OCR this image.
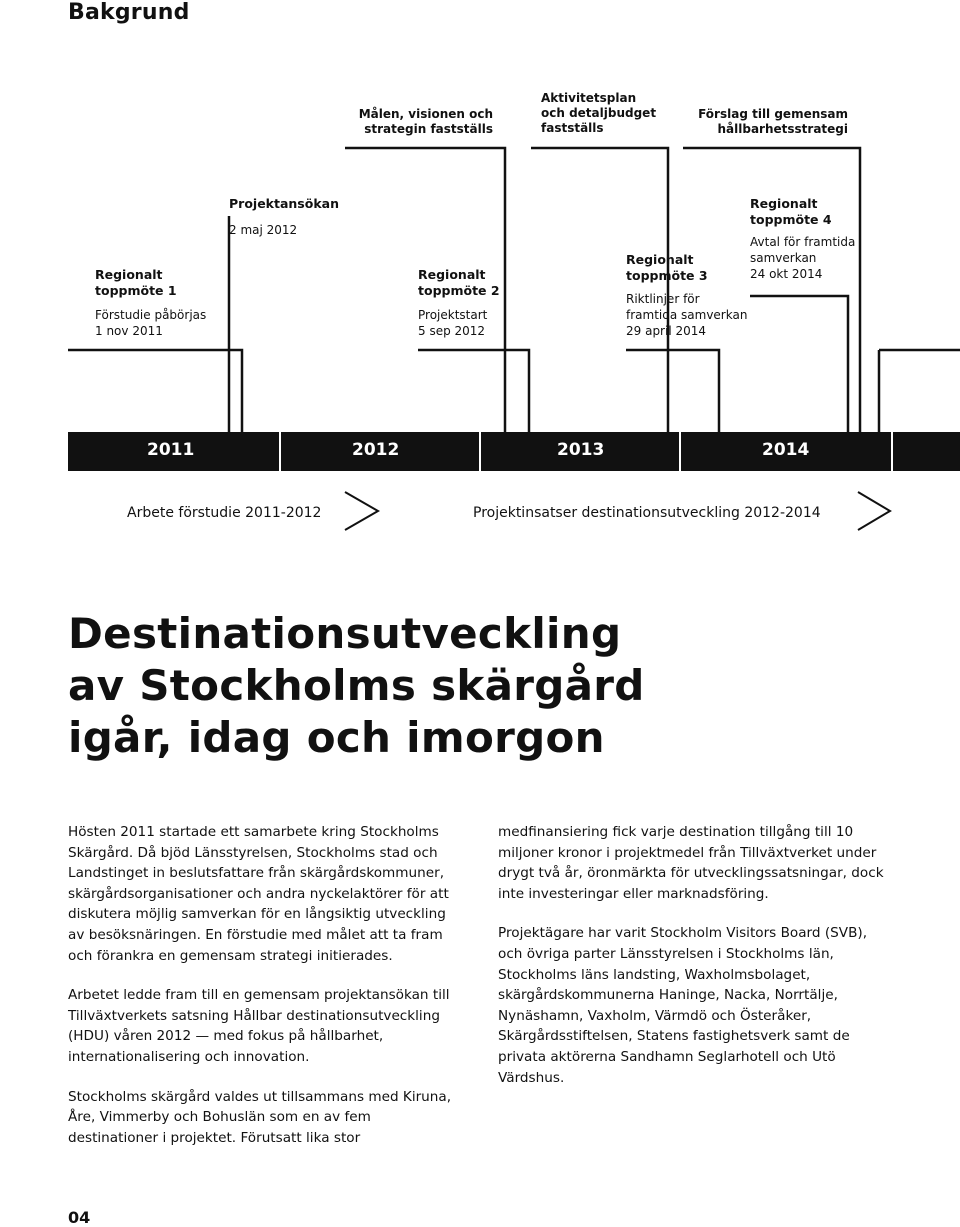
Bakgrund
Målen, visionen och
strategin fastställs
Aktivitetsplan
och detaljbudget
fastställs
Förslag till gemensam
hållbarhetsstrategi
Regionalt
toppmöte 1
Förstudie påbörjas
1 nov 2011
Projektansökan
2 maj 2012
Regionalt
toppmöte 2
Projektstart
5 sep 2012
Regionalt
toppmöte 3
Riktlinjer för
framtida samverkan
29 april 2014
Regionalt
toppmöte 4
Avtal för framtida
samverkan
24 okt 2014
2011	2012	2013	2014
Arbete förstudie 2011-2012	Projektinsatser destinationsutveckling 2012-2014
Destinationsutveckling
av Stockholms skärgård
igår, idag och imorgon

Hösten 2011 startade ett samarbete kring Stockholms Skärgård. Då bjöd Länsstyrelsen, Stockholms stad och Landstinget in beslutsfattare från skärgårdskommuner, skärgårdsorganisationer och andra nyckelaktörer för att diskutera möjlig samverkan för en långsiktig utveckling av besöksnäringen. En förstudie med målet att ta fram och förankra en gemensam strategi initierades.

Arbetet ledde fram till en gemensam projektansökan till Tillväxtverkets satsning Hållbar destinationsutveckling (HDU) våren 2012 — med fokus på hållbarhet, internationalisering och innovation.

Stockholms skärgård valdes ut tillsammans med Kiruna, Åre, Vimmerby och Bohuslän som en av fem destinationer i projektet. Förutsatt lika stor

medfinansiering fick varje destination tillgång till 10 miljoner kronor i projektmedel från Tillväxtverket under drygt två år, öronmärkta för utvecklingssatsningar, dock inte investeringar eller marknadsföring.

Projektägare har varit Stockholm Visitors Board (SVB), och övriga parter Länsstyrelsen i Stockholms län, Stockholms läns landsting, Waxholmsbolaget, skärgårdskommunerna Haninge, Nacka, Norrtälje, Nynäshamn, Vaxholm, Värmdö och Österåker, Skärgårdsstiftelsen, Statens fastighetsverk samt de privata aktörerna Sandhamn Seglarhotell och Utö Värdshus.

04
